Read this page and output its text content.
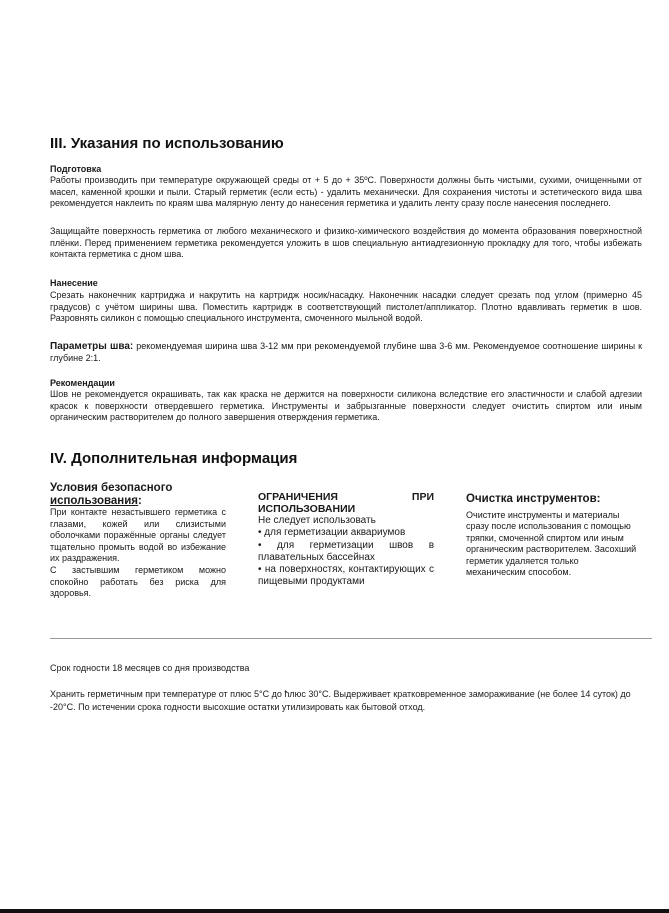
III. Указания по использованию

Подготовка

Работы производить при температуре окружающей среды от + 5 до + 35ºС. Поверхности должны быть чистыми, сухими, очищенными от масел, каменной крошки и пыли. Старый герметик (если есть) - удалить механически. Для сохранения чистоты и эстетического вида шва рекомендуется наклеить по краям шва малярную ленту до нанесения герметика и удалить ленту сразу после нанесения последнего.

Защищайте поверхность герметика от любого механического и физико-химического воздействия до момента образования поверхностной плёнки. Перед применением герметика рекомендуется уложить в шов специальную антиадгезионную прокладку для того, чтобы избежать контакта герметика с дном шва.

Нанесение

Срезать наконечник картриджа и накрутить на картридж носик/насадку. Наконечник насадки следует срезать под углом (примерно 45 градусов) с учётом ширины шва. Поместить картридж в соответствующий пистолет/аппликатор. Плотно вдавливать герметик в шов. Разровнять силикон с помощью специального инструмента, смоченного мыльной водой.

Параметры шва: рекомендуемая ширина шва 3-12 мм при рекомендуемой глубине шва 3-6 мм. Рекомендуемое соотношение ширины к глубине 2:1.

Рекомендации

Шов не рекомендуется окрашивать, так как краска не держится на поверхности силикона вследствие его эластичности и слабой адгезии красок к поверхности отвердевшего герметика. Инструменты и забрызганные поверхности следует очистить спиртом или иным органическим растворителем до полного завершения отверждения герметика.

IV. Дополнительная информация

Условия безопасного
использования:

При контакте незастывшего герметика с глазами, кожей или слизистыми оболочками поражённые органы следует тщательно промыть водой во избежание их раздражения.

С застывшим герметиком можно спокойно работать без риска для здоровья.

ОГРАНИЧЕНИЯ	ПРИ

ИСПОЛЬЗОВАНИИ

Не следует использовать
• для герметизации аквариумов
• для герметизации швов в плавательных бассейнах
• на поверхностях, контактирующих с пищевыми продуктами

Очистка инструментов:

Очистите инструменты и материалы сразу после использования с помощью тряпки, смоченной спиртом или иным органическим растворителем. Засохший герметик удаляется только механическим способом.

Срок годности 18 месяцев со дня производства

Хранить герметичным при температуре от плюс 5°С до ћлюс 30°С. Выдерживает кратковременное замораживание (не более 14 суток) до -20°С. По истечении срока годности высохшие остатки утилизировать как бытовой отход.
